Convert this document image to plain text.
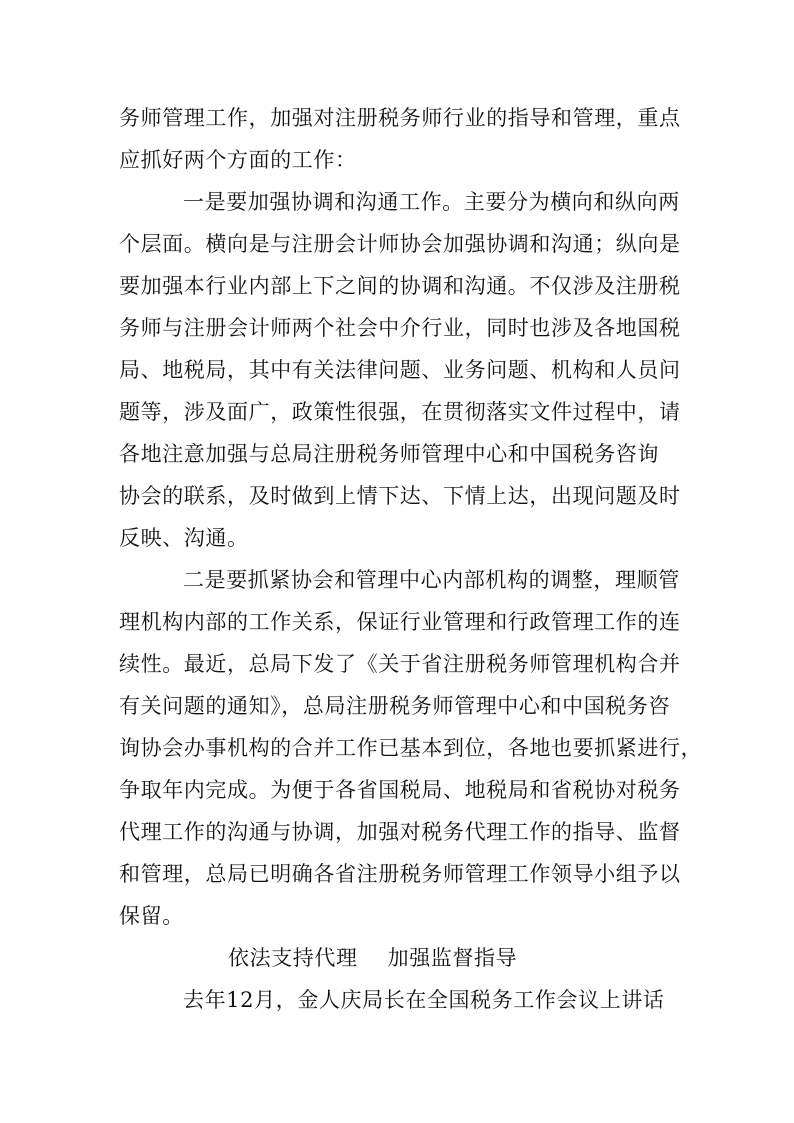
务师管理工作，加强对注册税务师行业的指导和管理，重点
应抓好两个方面的工作：
一是要加强协调和沟通工作。主要分为横向和纵向两
个层面。横向是与注册会计师协会加强协调和沟通；纵向是
要加强本行业内部上下之间的协调和沟通。不仅涉及注册税
务师与注册会计师两个社会中介行业，同时也涉及各地国税
局、地税局，其中有关法律问题、业务问题、机构和人员问
题等，涉及面广，政策性很强，在贯彻落实文件过程中，请
各地注意加强与总局注册税务师管理中心和中国税务咨询
协会的联系，及时做到上情下达、下情上达，出现问题及时
反映、沟通。
二是要抓紧协会和管理中心内部机构的调整，理顺管
理机构内部的工作关系，保证行业管理和行政管理工作的连
续性。最近，总局下发了《关于省注册税务师管理机构合并
有关问题的通知》，总局注册税务师管理中心和中国税务咨
询协会办事机构的合并工作已基本到位，各地也要抓紧进行，
争取年内完成。为便于各省国税局、地税局和省税协对税务
代理工作的沟通与协调，加强对税务代理工作的指导、监督
和管理，总局已明确各省注册税务师管理工作领导小组予以
保留。
依法支持代理 加强监督指导
去年12月，金人庆局长在全国税务工作会议上讲话
